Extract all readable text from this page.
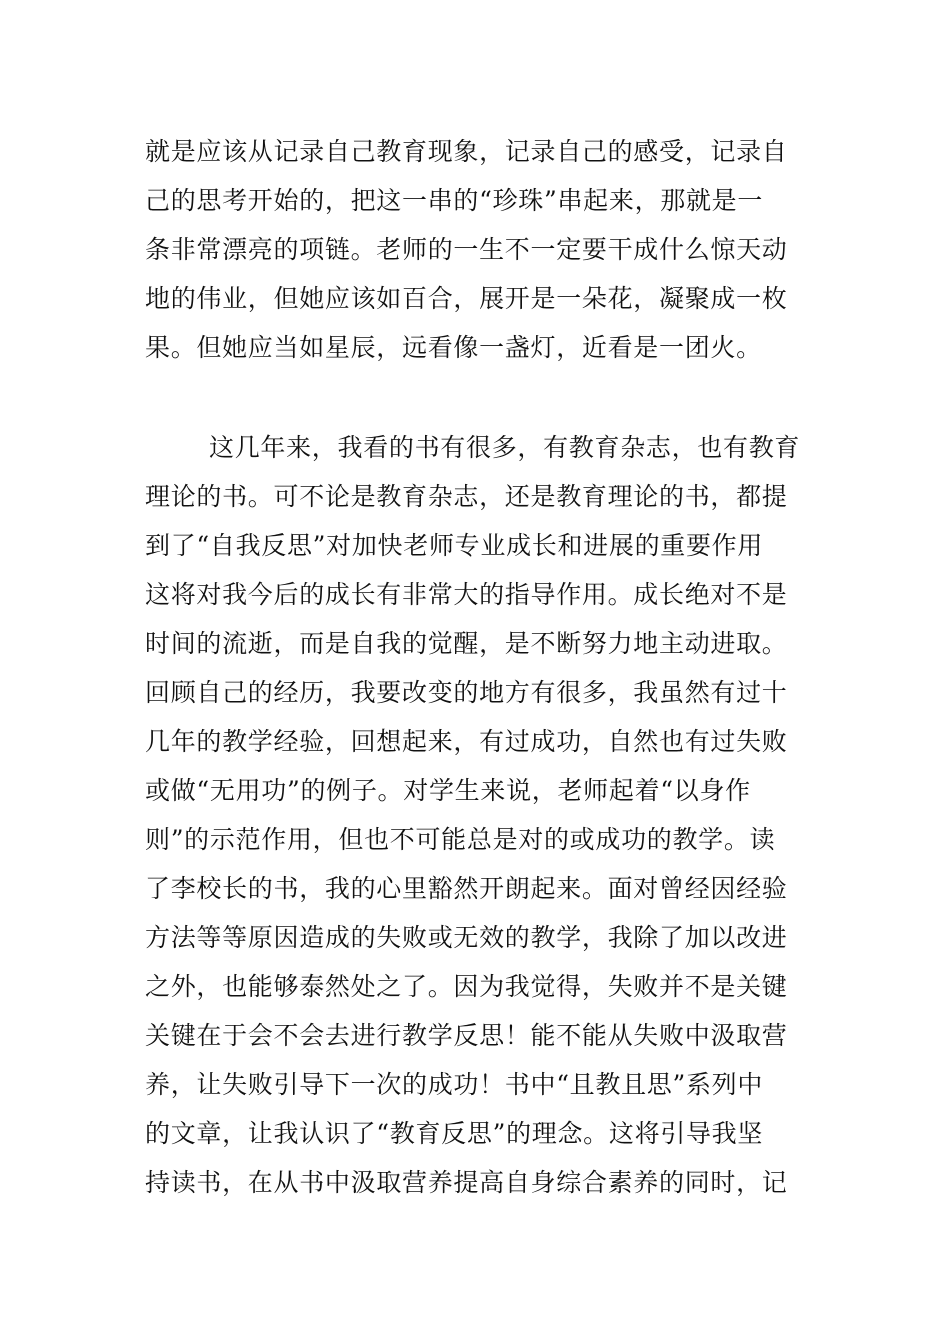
就是应该从记录自己教育现象，记录自己的感受，记录自
己的思考开始的，把这一串的“珍珠”串起来，那就是一
条非常漂亮的项链。老师的一生不一定要干成什么惊天动
地的伟业，但她应该如百合，展开是一朵花，凝聚成一枚
果。但她应当如星辰，远看像一盏灯，近看是一团火。
这几年来，我看的书有很多，有教育杂志，也有教育
理论的书。可不论是教育杂志，还是教育理论的书，都提
到了“自我反思”对加快老师专业成长和进展的重要作用
这将对我今后的成长有非常大的指导作用。成长绝对不是
时间的流逝，而是自我的觉醒，是不断努力地主动进取。
回顾自己的经历，我要改变的地方有很多，我虽然有过十
几年的教学经验，回想起来，有过成功，自然也有过失败
或做“无用功”的例子。对学生来说，老师起着“以身作
则”的示范作用，但也不可能总是对的或成功的教学。读
了李校长的书，我的心里豁然开朗起来。面对曾经因经验
方法等等原因造成的失败或无效的教学，我除了加以改进
之外，也能够泰然处之了。因为我觉得，失败并不是关键
关键在于会不会去进行教学反思！能不能从失败中汲取营
养，让失败引导下一次的成功！书中“且教且思”系列中
的文章，让我认识了“教育反思”的理念。这将引导我坚
持读书，在从书中汲取营养提高自身综合素养的同时，记
